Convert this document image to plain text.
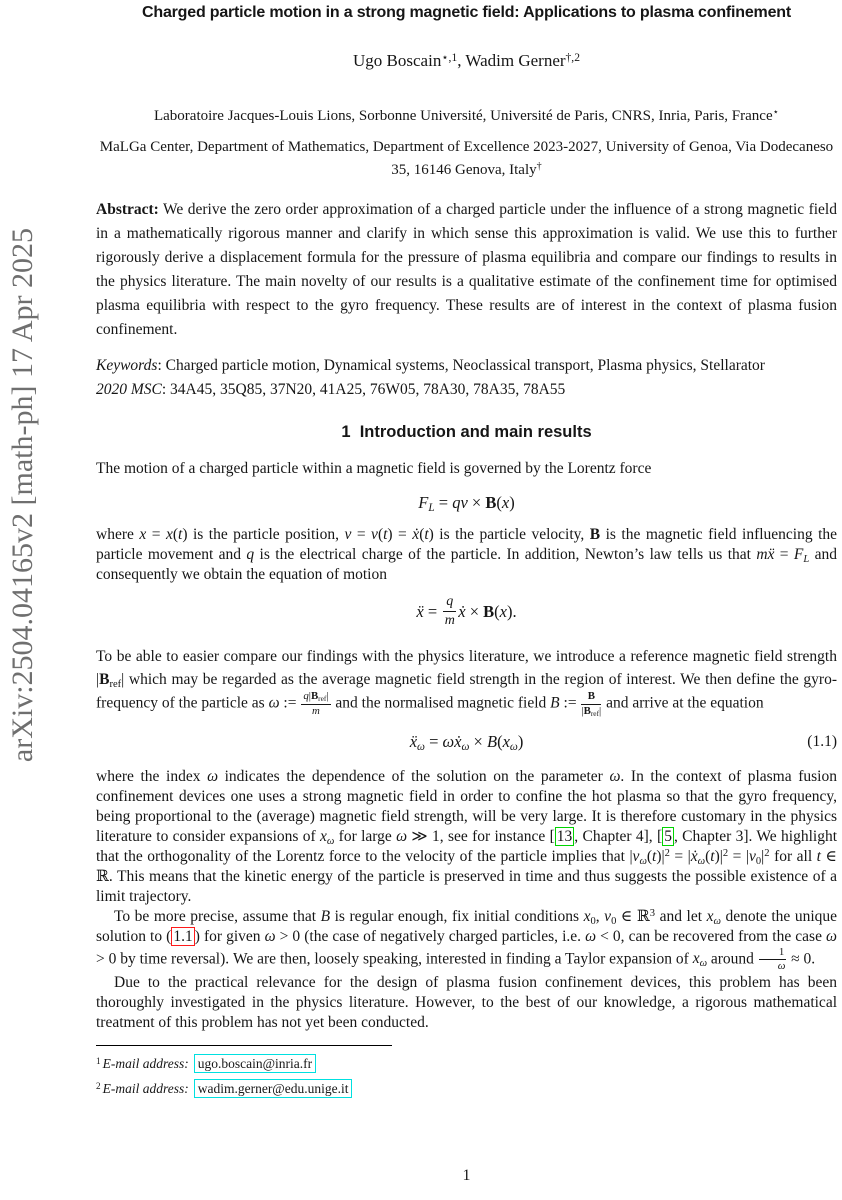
arXiv:2504.04165v2 [math-ph] 17 Apr 2025
Charged particle motion in a strong magnetic field: Applications to plasma confinement
Ugo Boscain$^{⋆,1}$, Wadim Gerner$^{\dagger,2}$
Laboratoire Jacques-Louis Lions, Sorbonne Université, Université de Paris, CNRS, Inria, Paris, France⋆
MaLGa Center, Department of Mathematics, Department of Excellence 2023-2027, University of Genoa, Via Dodecaneso 35, 16146 Genova, Italy†

Abstract: We derive the zero order approximation of a charged particle under the influence of a strong magnetic field in a mathematically rigorous manner and clarify in which sense this approximation is valid. We use this to further rigorously derive a displacement formula for the pressure of plasma equilibria and compare our findings to results in the physics literature. The main novelty of our results is a qualitative estimate of the confinement time for optimised plasma equilibria with respect to the gyro frequency. These results are of interest in the context of plasma fusion confinement.

Keywords: Charged particle motion, Dynamical systems, Neoclassical transport, Plasma physics, Stellarator

2020 MSC: 34A45, 35Q85, 37N20, 41A25, 76W05, 78A30, 78A35, 78A55

1  Introduction and main results

The motion of a charged particle within a magnetic field is governed by the Lorentz force

$F_L$ = qv × B(x)

where x = x(t) is the particle position, v = v(t) = ẋ(t) is the particle velocity, B is the magnetic field influencing the particle movement and q is the electrical charge of the particle. In addition, Newton’s law tells us that mẍ = $F_L$ and consequently we obtain the equation of motion

ẍ = $\frac{q}{m}$ ẋ × B(x).

To be able to easier compare our findings with the physics literature, we introduce a reference magnetic field strength $|B_{ref}|$ which may be regarded as the average magnetic field strength in the region of interest. We then define the gyro-frequency of the particle as ω := $q|B_{ref}|$
m and the normalised magnetic field B := B
$|B_{ref}|$ and arrive at the equation

ẍ$_\omega$ = ωẋ$_\omega$ × $B(x_\omega)$	(1.1)

where the index ω indicates the dependence of the solution on the parameter ω. In the context of plasma fusion confinement devices one uses a strong magnetic field in order to confine the hot plasma so that the gyro frequency, being proportional to the (average) magnetic field strength, will be very large. It is therefore customary in the physics literature to consider expansions of $x_\omega$ for large ω ≫ 1, see for instance [ 13 , Chapter 4], [ 5 , Chapter 3]. We highlight that the orthogonality of the Lorentz force to the velocity of the particle implies that $|v_\omega(t)|^2$ = $|ẋ_\omega(t)|^2 = |v_0|^2$ for all t ∈ ℝ. This means that the kinetic energy of the particle is preserved in time and thus suggests the possible existence of a limit trajectory.

To be more precise, assume that B is regular enough, fix initial conditions $x_0$, $v_0$ ∈ ℝ$^3$ and let $x_\omega$ denote the unique solution to ( 1.1 ) for given ω > 0 (the case of negatively charged particles, i.e. ω < 0, can be recovered from the case ω > 0 by time reversal). We are then, loosely speaking, interested in finding a Taylor expansion of $x_\omega$ around $\frac{1}{\omega} \approx 0$.

Due to the practical relevance for the design of plasma fusion confinement devices, this problem has been thoroughly investigated in the physics literature. However, to the best of our knowledge, a rigorous mathematical treatment of this problem has not yet been conducted.

$^1$ E-mail address: ugo.boscain@inria.fr
$^2$ E-mail address: wadim.gerner@edu.unige.it
1
